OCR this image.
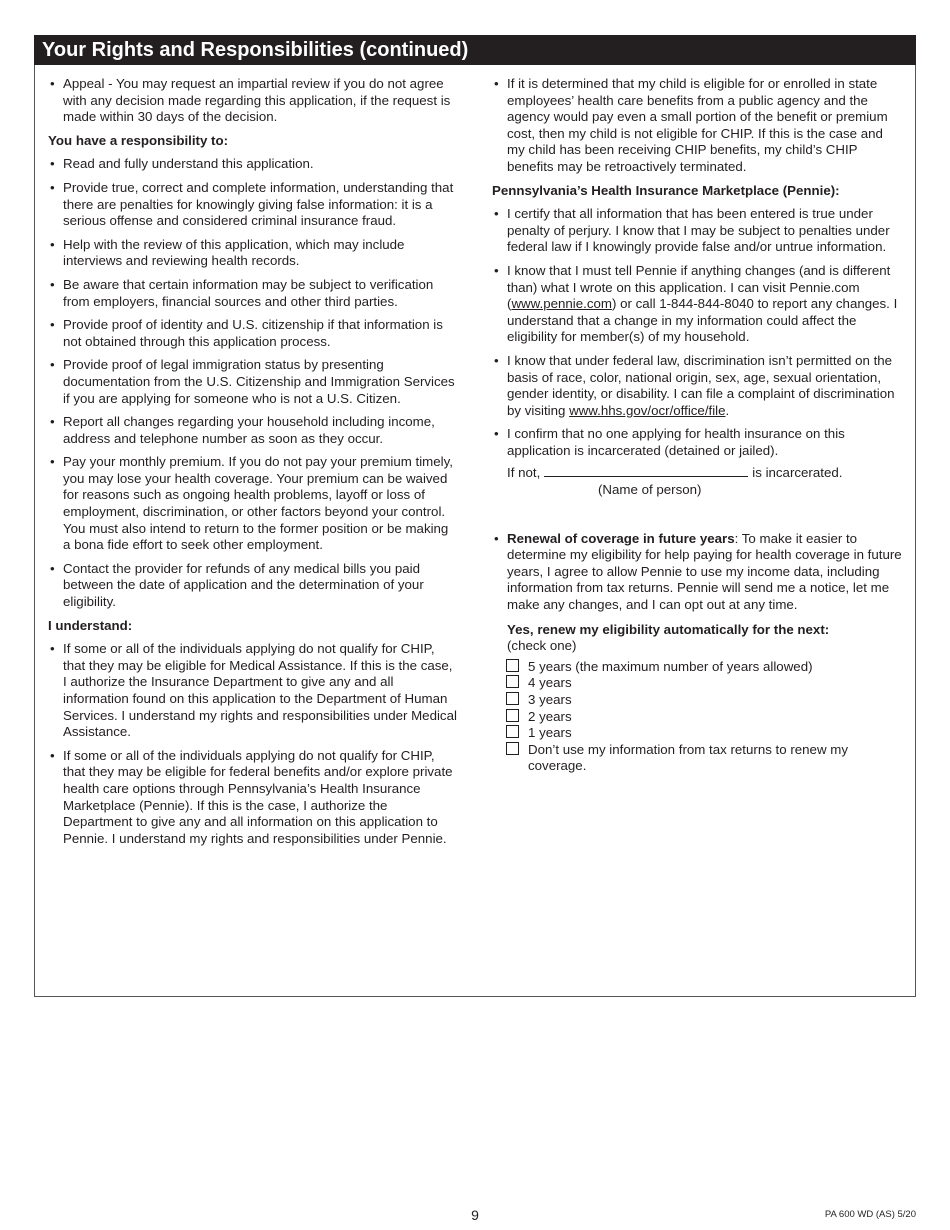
Your Rights and Responsibilities (continued)
• Appeal - You may request an impartial review if you do not agree with any decision made regarding this application, if the request is made within 30 days of the decision.
You have a responsibility to:
• Read and fully understand this application.
• Provide true, correct and complete information, understanding that there are penalties for knowingly giving false information: it is a serious offense and considered criminal insurance fraud.
• Help with the review of this application, which may include interviews and reviewing health records.
• Be aware that certain information may be subject to verification from employers, financial sources and other third parties.
• Provide proof of identity and U.S. citizenship if that information is not obtained through this application process.
• Provide proof of legal immigration status by presenting documentation from the U.S. Citizenship and Immigration Services if you are applying for someone who is not a U.S. Citizen.
• Report all changes regarding your household including income, address and telephone number as soon as they occur.
• Pay your monthly premium. If you do not pay your premium timely, you may lose your health coverage. Your premium can be waived for reasons such as ongoing health problems, layoff or loss of employment, discrimination, or other factors beyond your control. You must also intend to return to the former position or be making a bona fide effort to seek other employment.
• Contact the provider for refunds of any medical bills you paid between the date of application and the determination of your eligibility.
I understand:
• If some or all of the individuals applying do not qualify for CHIP, that they may be eligible for Medical Assistance. If this is the case, I authorize the Insurance Department to give any and all information found on this application to the Department of Human Services. I understand my rights and responsibilities under Medical Assistance.
• If some or all of the individuals applying do not qualify for CHIP, that they may be eligible for federal benefits and/or explore private health care options through Pennsylvania’s Health Insurance Marketplace (Pennie). If this is the case, I authorize the Department to give any and all information on this application to Pennie. I understand my rights and responsibilities under Pennie.
• If it is determined that my child is eligible for or enrolled in state employees’ health care benefits from a public agency and the agency would pay even a small portion of the benefit or premium cost, then my child is not eligible for CHIP. If this is the case and my child has been receiving CHIP benefits, my child’s CHIP benefits may be retroactively terminated.
Pennsylvania’s Health Insurance Marketplace (Pennie):
• I certify that all information that has been entered is true under penalty of perjury. I know that I may be subject to penalties under federal law if I knowingly provide false and/or untrue information.
• I know that I must tell Pennie if anything changes (and is different than) what I wrote on this application. I can visit Pennie.com (www.pennie.com) or call 1-844-844-8040 to report any changes. I understand that a change in my information could affect the eligibility for member(s) of my household.
• I know that under federal law, discrimination isn’t permitted on the basis of race, color, national origin, sex, age, sexual orientation, gender identity, or disability. I can file a complaint of discrimination by visiting www.hhs.gov/ocr/office/file.
• I confirm that no one applying for health insurance on this application is incarcerated (detained or jailed).
If not,	is incarcerated.
(Name of person)
• Renewal of coverage in future years: To make it easier to determine my eligibility for help paying for health coverage in future years, I agree to allow Pennie to use my income data, including information from tax returns. Pennie will send me a notice, let me make any changes, and I can opt out at any time.
Yes, renew my eligibility automatically for the next:
(check one)
5 years (the maximum number of years allowed)
4 years
3 years
2 years
1 years
Don’t use my information from tax returns to renew my coverage.
9	PA 600 WD (AS) 5/20
